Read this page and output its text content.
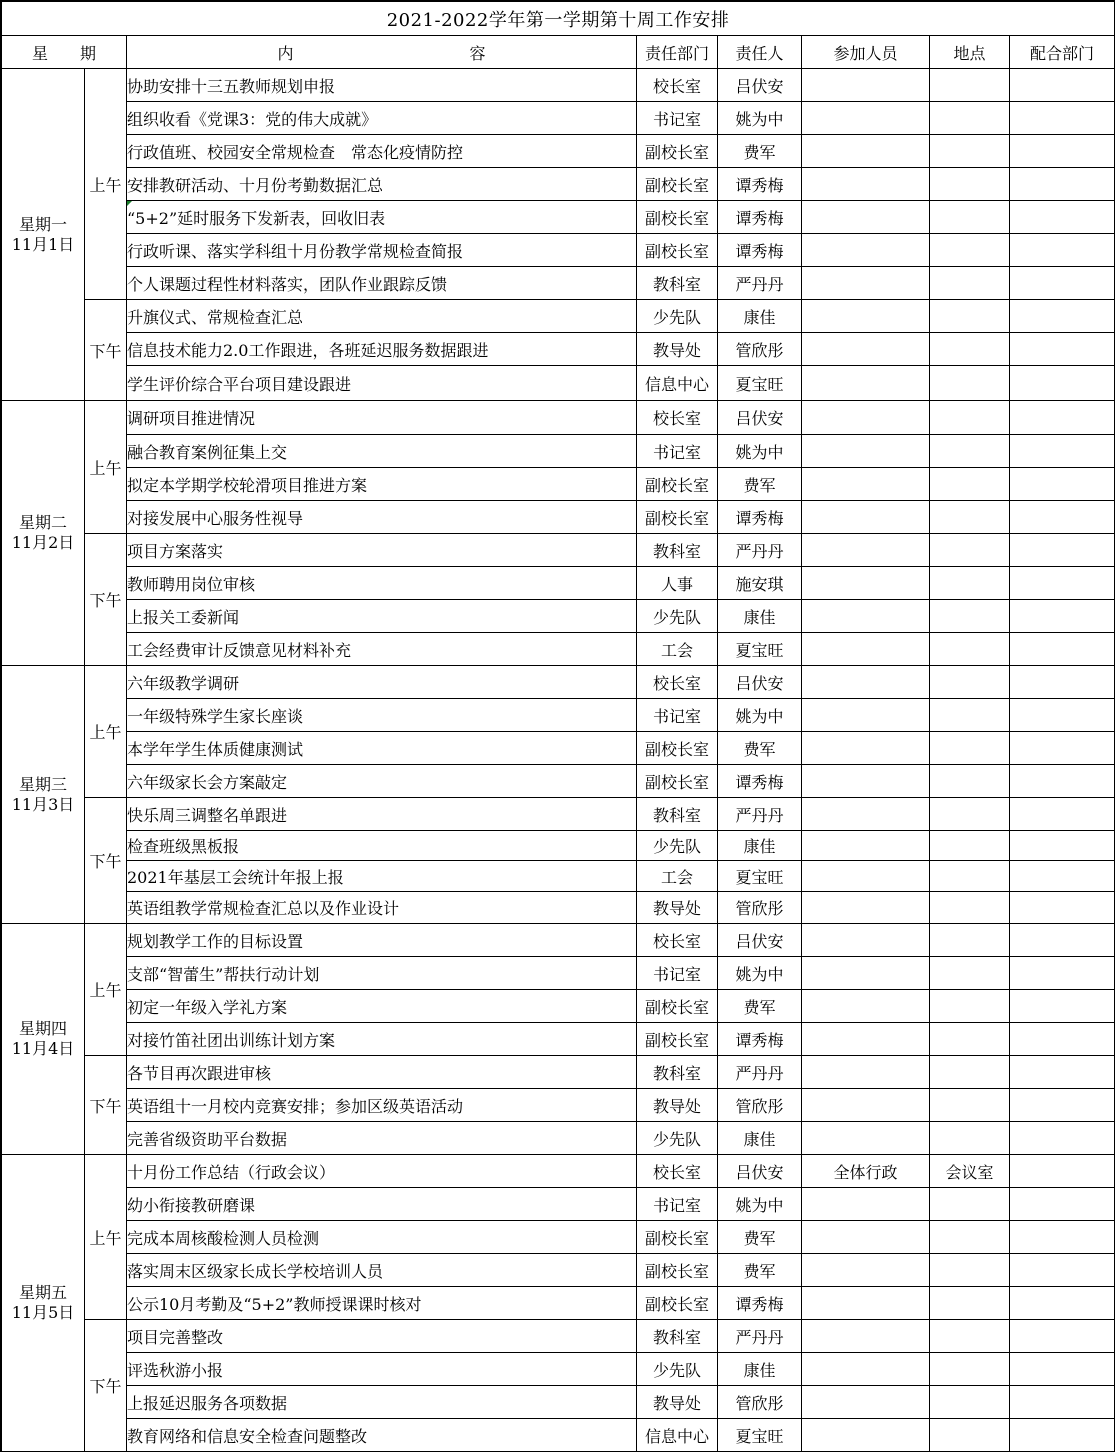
2021-2022学年第一学期第十周工作安排							
星　　期		内　　　　　　　　　　　容	责任部门	责任人	参加人员	地点	配合部门

星期一
11月1日	上午	协助安排十三五教师规划申报	校长室	吕伏安			
		组织收看《党课3：党的伟大成就》	书记室	姚为中			
		行政值班、校园安全常规检查　常态化疫情防控	副校长室	费军			
		安排教研活动、十月份考勤数据汇总	副校长室	谭秀梅			
		“5+2”延时服务下发新表，回收旧表	副校长室	谭秀梅			
		行政听课、落实学科组十月份教学常规检查简报	副校长室	谭秀梅			
		个人课题过程性材料落实，团队作业跟踪反馈	教科室	严丹丹			
	下午	升旗仪式、常规检查汇总	少先队	康佳			
		信息技术能力2.0工作跟进，各班延迟服务数据跟进	教导处	管欣彤			
		学生评价综合平台项目建设跟进	信息中心	夏宝旺			

星期二
11月2日	上午	调研项目推进情况	校长室	吕伏安			
		融合教育案例征集上交	书记室	姚为中			
		拟定本学期学校轮滑项目推进方案	副校长室	费军			
		对接发展中心服务性视导	副校长室	谭秀梅			
	下午	项目方案落实	教科室	严丹丹			
		教师聘用岗位审核	人事	施安琪			
		上报关工委新闻	少先队	康佳			
		工会经费审计反馈意见材料补充	工会	夏宝旺			

星期三
11月3日	上午	六年级教学调研	校长室	吕伏安			
		一年级特殊学生家长座谈	书记室	姚为中			
		本学年学生体质健康测试	副校长室	费军			
		六年级家长会方案敲定	副校长室	谭秀梅			
	下午	快乐周三调整名单跟进	教科室	严丹丹			
		检查班级黑板报	少先队	康佳			
		2021年基层工会统计年报上报	工会	夏宝旺			
		英语组教学常规检查汇总以及作业设计	教导处	管欣彤			

星期四
11月4日	上午	规划教学工作的目标设置	校长室	吕伏安			
		支部“智蕾生”帮扶行动计划	书记室	姚为中			
		初定一年级入学礼方案	副校长室	费军			
		对接竹笛社团出训练计划方案	副校长室	谭秀梅			
	下午	各节目再次跟进审核	教科室	严丹丹			
		英语组十一月校内竞赛安排；参加区级英语活动	教导处	管欣彤			
		完善省级资助平台数据	少先队	康佳			

星期五
11月5日	上午	十月份工作总结（行政会议）	校长室	吕伏安	全体行政	会议室	
		幼小衔接教研磨课	书记室	姚为中			
		完成本周核酸检测人员检测	副校长室	费军			
		落实周末区级家长成长学校培训人员	副校长室	费军			
		公示10月考勤及“5+2”教师授课课时核对	副校长室	谭秀梅			
	下午	项目完善整改	教科室	严丹丹			
		评选秋游小报	少先队	康佳			
		上报延迟服务各项数据	教导处	管欣彤			
		教育网络和信息安全检查问题整改	信息中心	夏宝旺			
